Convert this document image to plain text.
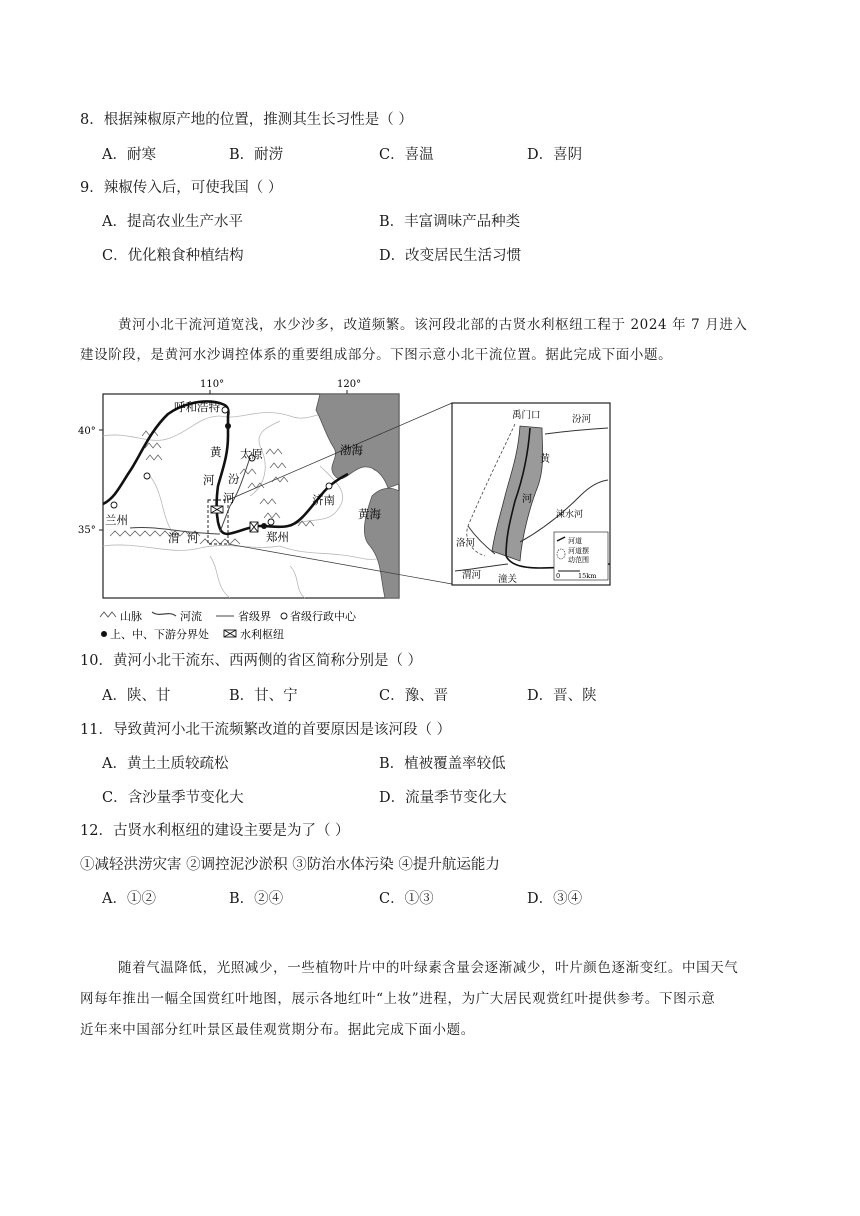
8．根据辣椒原产地的位置，推测其生长习性是（ ）
A．耐寒	B．耐涝	C．喜温	D．喜阴
9．辣椒传入后，可使我国（ ）
A．提高农业生产水平	B．丰富调味产品种类
C．优化粮食种植结构	D．改变居民生活习惯
黄河小北干流河道宽浅，水少沙多，改道频繁。该河段北部的古贤水利枢纽工程于 2024 年 7 月进入
建设阶段，是黄河水沙调控体系的重要组成部分。下图示意小北干流位置。据此完成下面小题。
110°	120°
40°
35°
呼和浩特
太原
济南
郑州
兰州
渤海
黄海
黄
河 汾
河
渭 河
禹门口	汾河
黄
河
涑水河
洛河
渭河 潼关
河道
河道摆
动范围
0	15km
山脉	河流	省级界 省级行政中心
上、中、下游分界处	水利枢纽
10．黄河小北干流东、西两侧的省区简称分别是（ ）
A．陕、甘	B．甘、宁	C．豫、晋	D．晋、陕
11．导致黄河小北干流频繁改道的首要原因是该河段（ ）
A．黄土土质较疏松	B．植被覆盖率较低
C．含沙量季节变化大	D．流量季节变化大
12．古贤水利枢纽的建设主要是为了（ ）
①减轻洪涝灾害 ②调控泥沙淤积 ③防治水体污染 ④提升航运能力
A．①②	B．②④	C．①③	D．③④
随着气温降低，光照减少，一些植物叶片中的叶绿素含量会逐渐减少，叶片颜色逐渐变红。中国天气
网每年推出一幅全国赏红叶地图，展示各地红叶“上妆”进程，为广大居民观赏红叶提供参考。下图示意
近年来中国部分红叶景区最佳观赏期分布。据此完成下面小题。
